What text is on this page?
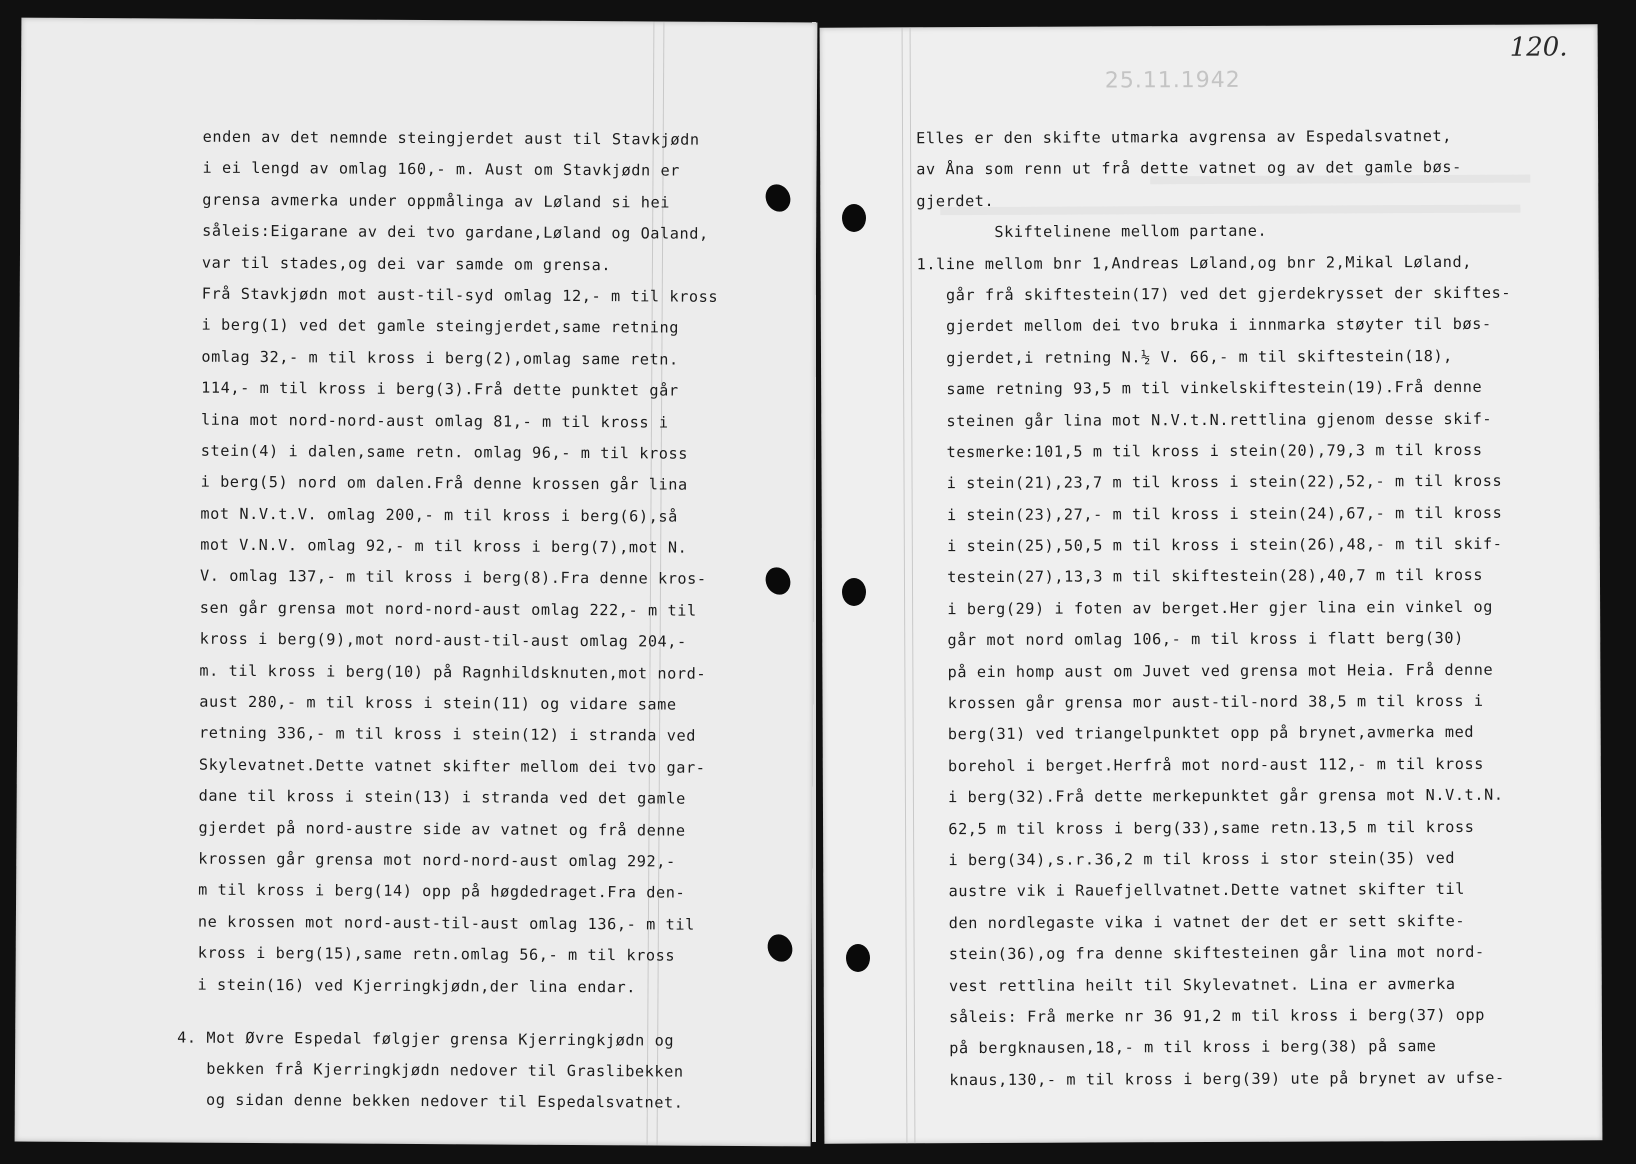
enden av det nemnde steingjerdet aust til Stavkjødn
i ei lengd av omlag 160,- m. Aust om Stavkjødn er
grensa avmerka under oppmålinga av Løland si hei
såleis:Eigarane av dei tvo gardane,Løland og Oaland,
var til stades,og dei var samde om grensa.
Frå Stavkjødn mot aust-til-syd omlag 12,- m til kross
i berg(1) ved det gamle steingjerdet,same retning
omlag 32,- m til kross i berg(2),omlag same retn.
114,- m til kross i berg(3).Frå dette punktet går
lina mot nord-nord-aust omlag 81,- m til kross i
stein(4) i dalen,same retn. omlag 96,- m til kross
i berg(5) nord om dalen.Frå denne krossen går lina
mot N.V.t.V. omlag 200,- m til kross i berg(6),så
mot V.N.V. omlag 92,- m til kross i berg(7),mot N.
V. omlag 137,- m til kross i berg(8).Fra denne kros-
sen går grensa mot nord-nord-aust omlag 222,- m til
kross i berg(9),mot nord-aust-til-aust omlag 204,-
m. til kross i berg(10) på Ragnhildsknuten,mot nord-
aust 280,- m til kross i stein(11) og vidare same
retning 336,- m til kross i stein(12) i stranda ved
Skylevatnet.Dette vatnet skifter mellom dei tvo gar-
dane til kross i stein(13) i stranda ved det gamle
gjerdet på nord-austre side av vatnet og frå denne
krossen går grensa mot nord-nord-aust omlag 292,-
m til kross i berg(14) opp på høgdedraget.Fra den-
ne krossen mot nord-aust-til-aust omlag 136,- m til
kross i berg(15),same retn.omlag 56,- m til kross
i stein(16) ved Kjerringkjødn,der lina endar.
4. Mot Øvre Espedal følgjer grensa Kjerringkjødn og
bekken frå Kjerringkjødn nedover til Graslibekken
og sidan denne bekken nedover til Espedalsvatnet.
25.11.1942
120.
Elles er den skifte utmarka avgrensa av Espedalsvatnet,
av Åna som renn ut frå dette vatnet og av det gamle bøs-
gjerdet.
Skiftelinene mellom partane.
1.line mellom bnr 1,Andreas Løland,og bnr 2,Mikal Løland,
går frå skiftestein(17) ved det gjerdekrysset der skiftes-
gjerdet mellom dei tvo bruka i innmarka støyter til bøs-
gjerdet,i retning N.½ V. 66,- m til skiftestein(18),
same retning 93,5 m til vinkelskiftestein(19).Frå denne
steinen går lina mot N.V.t.N.rettlina gjenom desse skif-
tesmerke:101,5 m til kross i stein(20),79,3 m til kross
i stein(21),23,7 m til kross i stein(22),52,- m til kross
i stein(23),27,- m til kross i stein(24),67,- m til kross
i stein(25),50,5 m til kross i stein(26),48,- m til skif-
testein(27),13,3 m til skiftestein(28),40,7 m til kross
i berg(29) i foten av berget.Her gjer lina ein vinkel og
går mot nord omlag 106,- m til kross i flatt berg(30)
på ein homp aust om Juvet ved grensa mot Heia. Frå denne
krossen går grensa mor aust-til-nord 38,5 m til kross i
berg(31) ved triangelpunktet opp på brynet,avmerka med
borehol i berget.Herfrå mot nord-aust 112,- m til kross
i berg(32).Frå dette merkepunktet går grensa mot N.V.t.N.
62,5 m til kross i berg(33),same retn.13,5 m til kross
i berg(34),s.r.36,2 m til kross i stor stein(35) ved
austre vik i Rauefjellvatnet.Dette vatnet skifter til
den nordlegaste vika i vatnet der det er sett skifte-
stein(36),og fra denne skiftesteinen går lina mot nord-
vest rettlina heilt til Skylevatnet. Lina er avmerka
såleis: Frå merke nr 36 91,2 m til kross i berg(37) opp
på bergknausen,18,- m til kross i berg(38) på same
knaus,130,- m til kross i berg(39) ute på brynet av ufse-
